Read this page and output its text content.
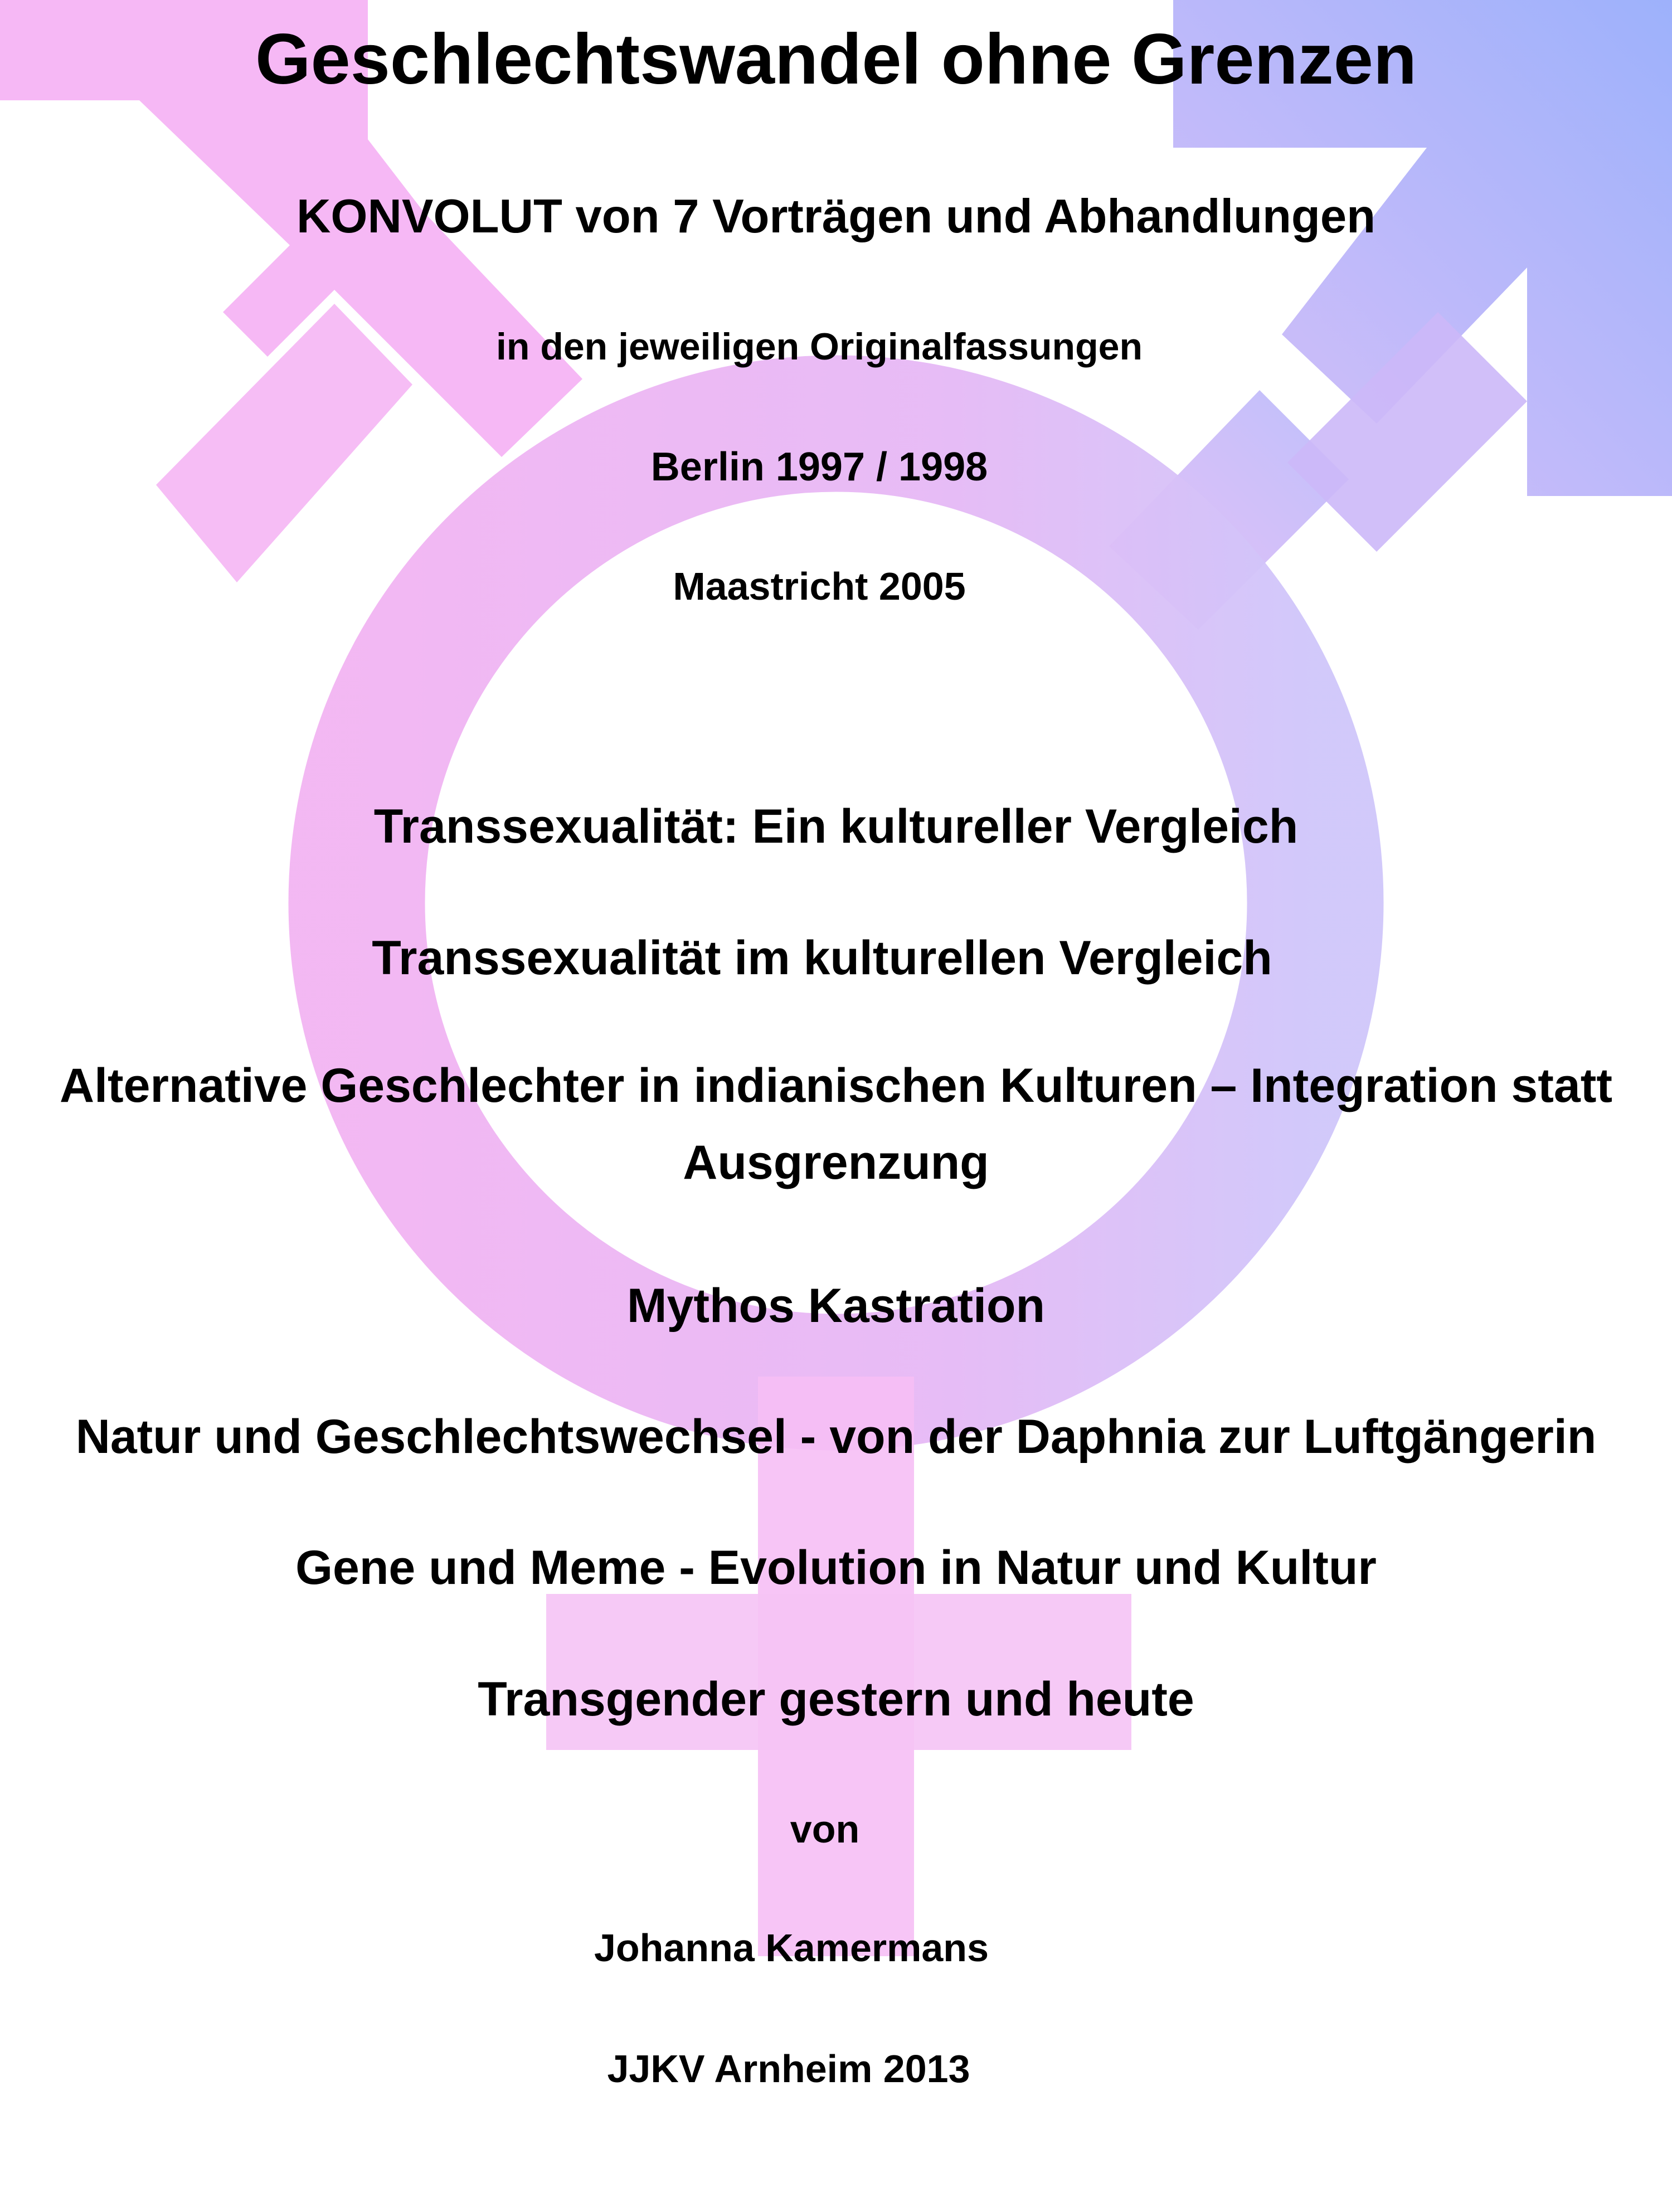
Geschlechtswandel ohne Grenzen
KONVOLUT von 7 Vorträgen und Abhandlungen
in den jeweiligen Originalfassungen
Berlin 1997 / 1998
Maastricht 2005
Transsexualität: Ein kultureller Vergleich
Transsexualität im kulturellen Vergleich
Alternative Geschlechter in indianischen Kulturen – Integration statt Ausgrenzung
Mythos Kastration
Natur und Geschlechtswechsel - von der Daphnia zur Luftgängerin
Gene und Meme - Evolution in Natur und Kultur
Transgender gestern und heute
von
Johanna Kamermans
JJKV Arnheim 2013
